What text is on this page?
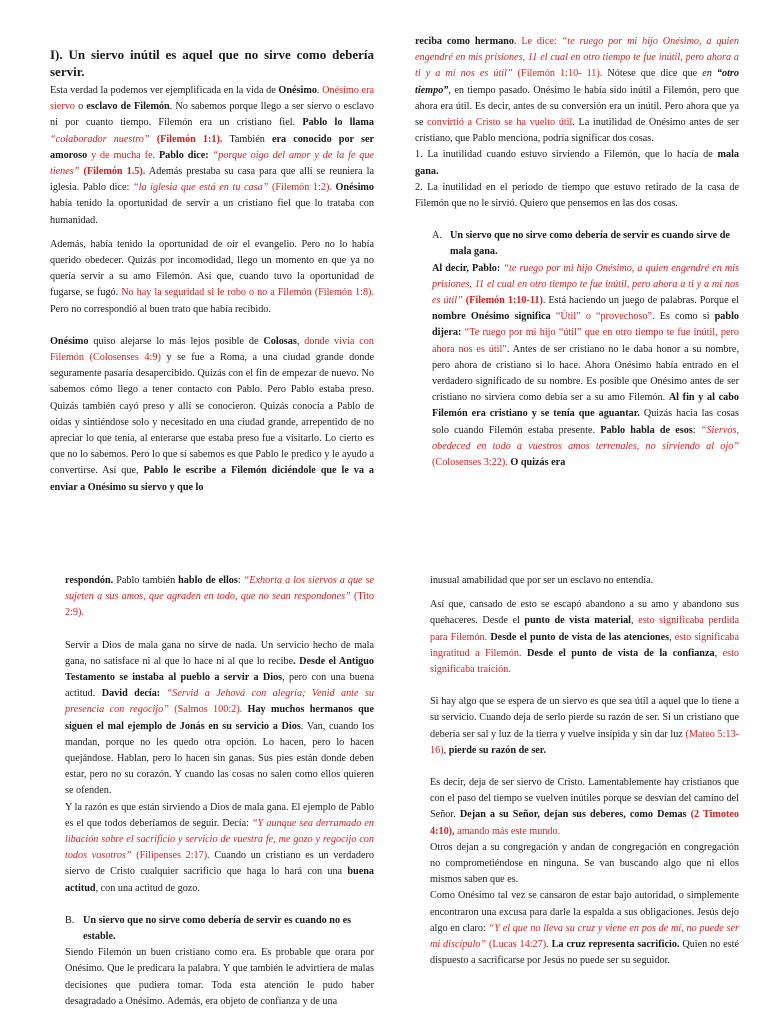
I). Un siervo inútil es aquel que no sirve como debería servir.

Esta verdad la podemos ver ejemplificada en la vida de Onésimo. Onésimo era siervo o esclavo de Filemón. No sabemos porque llego a ser siervo o esclavo ni por cuanto tiempo. Filemón era un cristiano fiel. Pablo lo llama “colaborador nuestro” (Filemón 1:1). También era conocido por ser amoroso y de mucha fe. Pablo dice: “porque oigo del amor y de la fe que tienes” (Filemón 1.5). Además prestaba su casa para que allí se reuniera la iglesia. Pablo dice: “la iglesia que está en tu casa” (Filemón 1:2). Onésimo había tenido la oportunidad de servir a un cristiano fiel que lo trataba con humanidad.

Además, había tenido la oportunidad de oír el evangelio. Pero no lo había querido obedecer. Quizás por incomodidad, llego un momento en que ya no quería servir a su amo Filemón. Así que, cuando tuvo la oportunidad de fugarse, se fugó. No hay la seguridad si le robo o no a Filemón (Filemón 1:8). Pero no correspondió al buen trato que había recibido.

Onésimo quiso alejarse lo más lejos posible de Colosas, donde vivía con Filemón (Colosenses 4:9) y se fue a Roma, a una ciudad grande donde seguramente pasaría desapercibido. Quizás con el fin de empezar de nuevo. No sabemos cómo llego a tener contacto con Pablo. Pero Pablo estaba preso. Quizás también cayó preso y allí se conocieron. Quizás conocía a Pablo de oídas y sintiéndose solo y necesitado en una ciudad grande, arrepentido de no apreciar lo que tenía, al enterarse que estaba preso fue a visitarlo. Lo cierto es que no lo sabemos. Pero lo que sí sabemos es que Pablo le predico y le ayudo a convertirse. Así que, Pablo le escribe a Filemón diciéndole que le va a enviar a Onésimo su siervo y que lo

reciba como hermano. Le dice: “te ruego por mi hijo Onésimo, a quien engendré en mis prisiones, 11 el cual en otro tiempo te fue inútil, pero ahora a ti y a mí nos es útil” (Filemón 1:10- 11). Nótese que dice que en “otro tiempo”, en tiempo pasado. Onésimo le había sido inútil a Filemón, pero que ahora era útil. Es decir, antes de su conversión era un inútil. Pero ahora que ya se convirtió a Cristo se ha vuelto útil. La inutilidad de Onésimo antes de ser cristiano, que Pablo menciona, podría significar dos cosas.

1. La inutilidad cuando estuvo sirviendo a Filemón, que lo hacía de mala gana.

2. La inutilidad en el periodo de tiempo que estuvo retirado de la casa de Filemón que no le sirvió. Quiero que pensemos en las dos cosas.

A. Un siervo que no sirve como debería de servir es cuando sirve de mala gana.

Al decir, Pablo: “te ruego por mi hijo Onésimo, a quien engendré en mis prisiones, 11 el cual en otro tiempo te fue inútil, pero ahora a ti y a mí nos es útil” (Filemón 1:10-11). Está haciendo un juego de palabras. Porque el nombre Onésimo significa “Útil” o “provechoso”. Es como si pablo dijera: “Te ruego por mi hijo “útil” que en otro tiempo te fue inútil, pero ahora nos es útil”. Antes de ser cristiano no le daba honor a su nombre, pero ahora de cristiano si lo hace. Ahora Onésimo había entrado en el verdadero significado de su nombre. Es posible que Onésimo antes de ser cristiano no sirviera como debía ser a su amo Filemón. Al fin y al cabo Filemón era cristiano y se tenía que aguantar. Quizás hacia las cosas solo cuando Filemón estaba presente. Pablo habla de esos: “Siervos, obedeced en todo a vuestros amos terrenales, no sirviendo al ojo” (Colosenses 3:22). O quizás era

respondón. Pablo también hablo de ellos: “Exhorta a los siervos a que se sujeten a sus amos, que agraden en todo, que no sean respondones” (Tito 2:9).

Servir a Dios de mala gana no sirve de nada. Un servicio hecho de mala gana, no satisface ni al que lo hace ni al que lo recibe. Desde el Antiguo Testamento se instaba al pueblo a servir a Dios, pero con una buena actitud. David decía: “Servid a Jehová con alegría; Venid ante su presencia con regocijo” (Salmos 100:2). Hay muchos hermanos que siguen el mal ejemplo de Jonás en su servicio a Dios. Van, cuando los mandan, porque no les quedo otra opción. Lo hacen, pero lo hacen quejándose. Hablan, pero lo hacen sin ganas. Sus pies están donde deben estar, pero no su corazón. Y cuando las cosas no salen como ellos quieren se ofenden.

Y la razón es que están sirviendo a Dios de mala gana. El ejemplo de Pablo es el que todos deberíamos de seguir. Decía: “Y aunque sea derramado en libación sobre el sacrificio y servicio de vuestra fe, me gozo y regocijo con todos vosotros” (Filipenses 2:17). Cuando un cristiano es un verdadero siervo de Cristo cualquier sacrificio que haga lo hará con una buena actitud, con una actitud de gozo.

B. Un siervo que no sirve como debería de servir es cuando no es estable.

Siendo Filemón un buen cristiano como era. Es probable que orara por Onésimo. Que le predicara la palabra. Y que también le advirtiera de malas decisiones que pudiera tomar. Toda esta atención le pudo haber desagradado a Onésimo. Además, era objeto de confianza y de una

inusual amabilidad que por ser un esclavo no entendía.

Así que, cansado de esto se escapó abandono a su amo y abandono sus quehaceres. Desde el punto de vista material, esto significaba perdida para Filemón. Desde el punto de vista de las atenciones, esto significaba ingratitud a Filemón. Desde el punto de vista de la confianza, esto significaba traición.

Si hay algo que se espera de un siervo es que sea útil a aquel que lo tiene a su servicio. Cuando deja de serlo pierde su razón de ser. Si un cristiano que debería ser sal y luz de la tierra y vuelve insípida y sin dar luz (Mateo 5:13-16), pierde su razón de ser.

Es decir, deja de ser siervo de Cristo. Lamentablemente hay cristianos que con el paso del tiempo se vuelven inútiles porque se desvían del camino del Señor. Dejan a su Señor, dejan sus deberes, como Demas (2 Timoteo 4:10), amando más este mundo.

Otros dejan a su congregación y andan de congregación en congregación no comprometiéndose en ninguna. Se van buscando algo que ni ellos mismos saben que es.

Como Onésimo tal vez se cansaron de estar bajo autoridad, o simplemente encontraron una excusa para darle la espalda a sus obligaciones. Jesús dejo algo en claro: “Y el que no lleva su cruz y viene en pos de mí, no puede ser mi discípulo” (Lucas 14:27). La cruz representa sacrificio. Quien no esté dispuesto a sacrificarse por Jesús no puede ser su seguidor.
